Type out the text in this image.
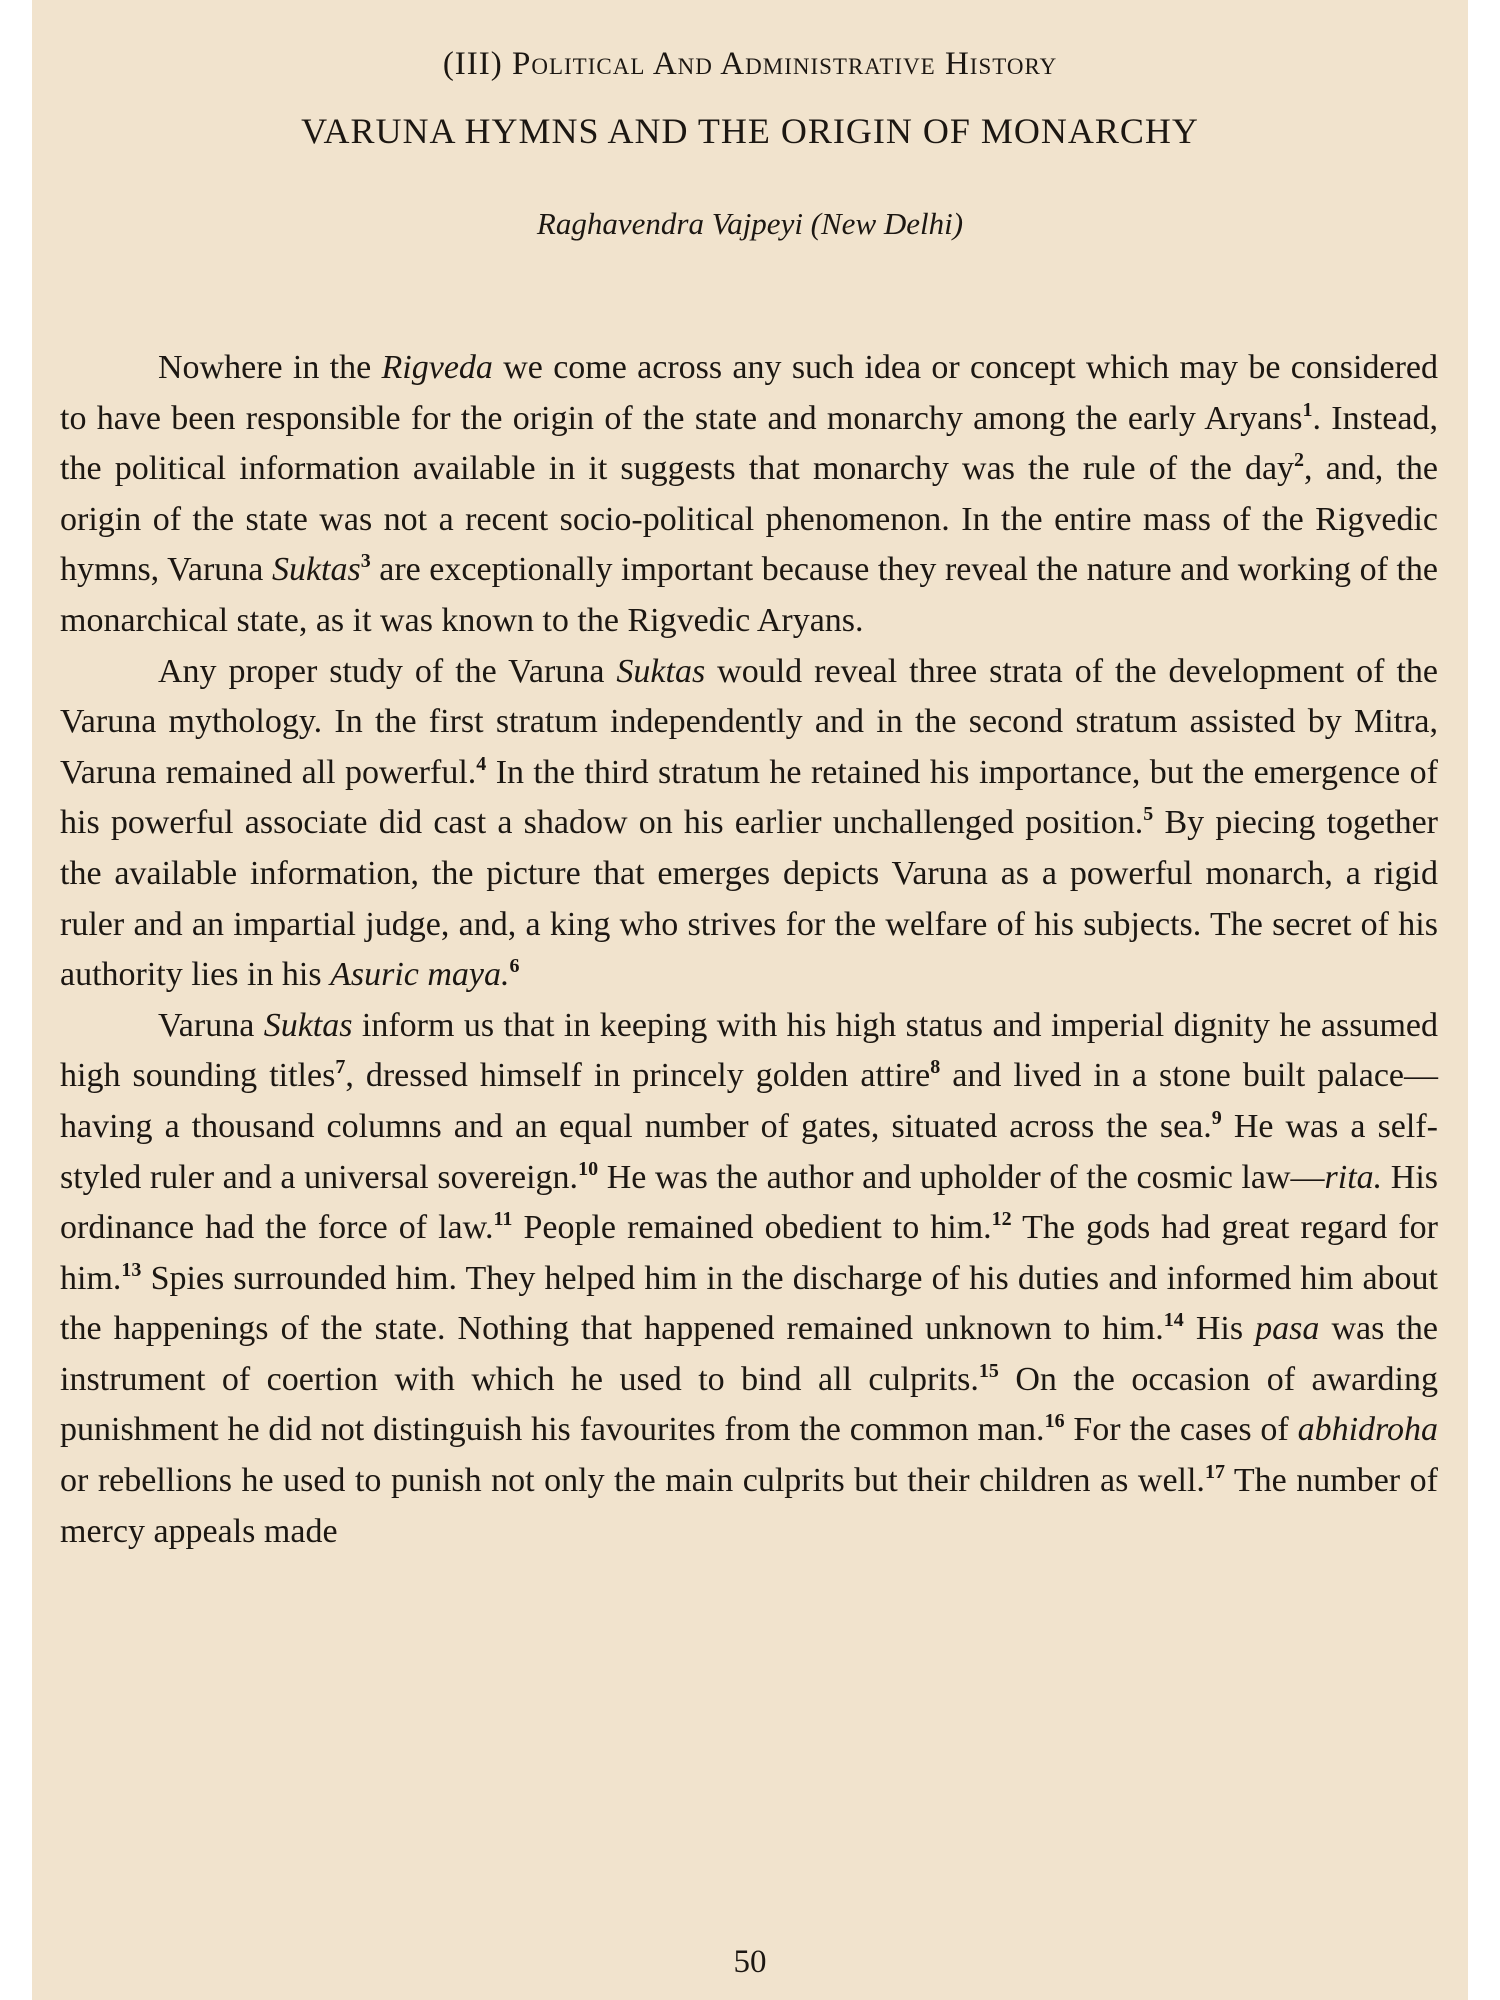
(III) Political And Administrative History
VARUNA HYMNS AND THE ORIGIN OF MONARCHY
Raghavendra Vajpeyi (New Delhi)

Nowhere in the Rigveda we come across any such idea or concept which may be considered to have been responsible for the origin of the state and monarchy among the early Aryans$^1$. Instead, the political information available in it suggests that monarchy was the rule of the day$^2$, and, the origin of the state was not a recent socio-political phenomenon. In the entire mass of the Rigvedic hymns, Varuna Suktas$^3$ are exceptionally important because they reveal the nature and working of the monarchical state, as it was known to the Rigvedic Aryans.

Any proper study of the Varuna Suktas would reveal three strata of the development of the Varuna mythology. In the first stratum independently and in the second stratum assisted by Mitra, Varuna remained all powerful.$^4$ In the third stratum he retained his importance, but the emergence of his powerful associate did cast a shadow on his earlier unchallenged position.$^5$ By piecing together the available information, the picture that emerges depicts Varuna as a powerful monarch, a rigid ruler and an impartial judge, and, a king who strives for the welfare of his subjects. The secret of his authority lies in his Asuric maya.$^6$

Varuna Suktas inform us that in keeping with his high status and imperial dignity he assumed high sounding titles$^7$, dressed himself in princely golden attire$^8$ and lived in a stone built palace—having a thousand columns and an equal number of gates, situated across the sea.$^9$ He was a self-styled ruler and a universal sovereign.$^{10}$ He was the author and upholder of the cosmic law—rita. His ordinance had the force of law.$^{11}$ People remained obedient to him.$^{12}$ The gods had great regard for him.$^{13}$ Spies surrounded him. They helped him in the discharge of his duties and informed him about the happenings of the state. Nothing that happened remained unknown to him.$^{14}$ His pasa was the instrument of coertion with which he used to bind all culprits.$^{15}$ On the occasion of awarding punishment he did not distinguish his favourites from the common man.$^{16}$ For the cases of abhidroha or rebellions he used to punish not only the main culprits but their children as well.$^{17}$ The number of mercy appeals made

50
